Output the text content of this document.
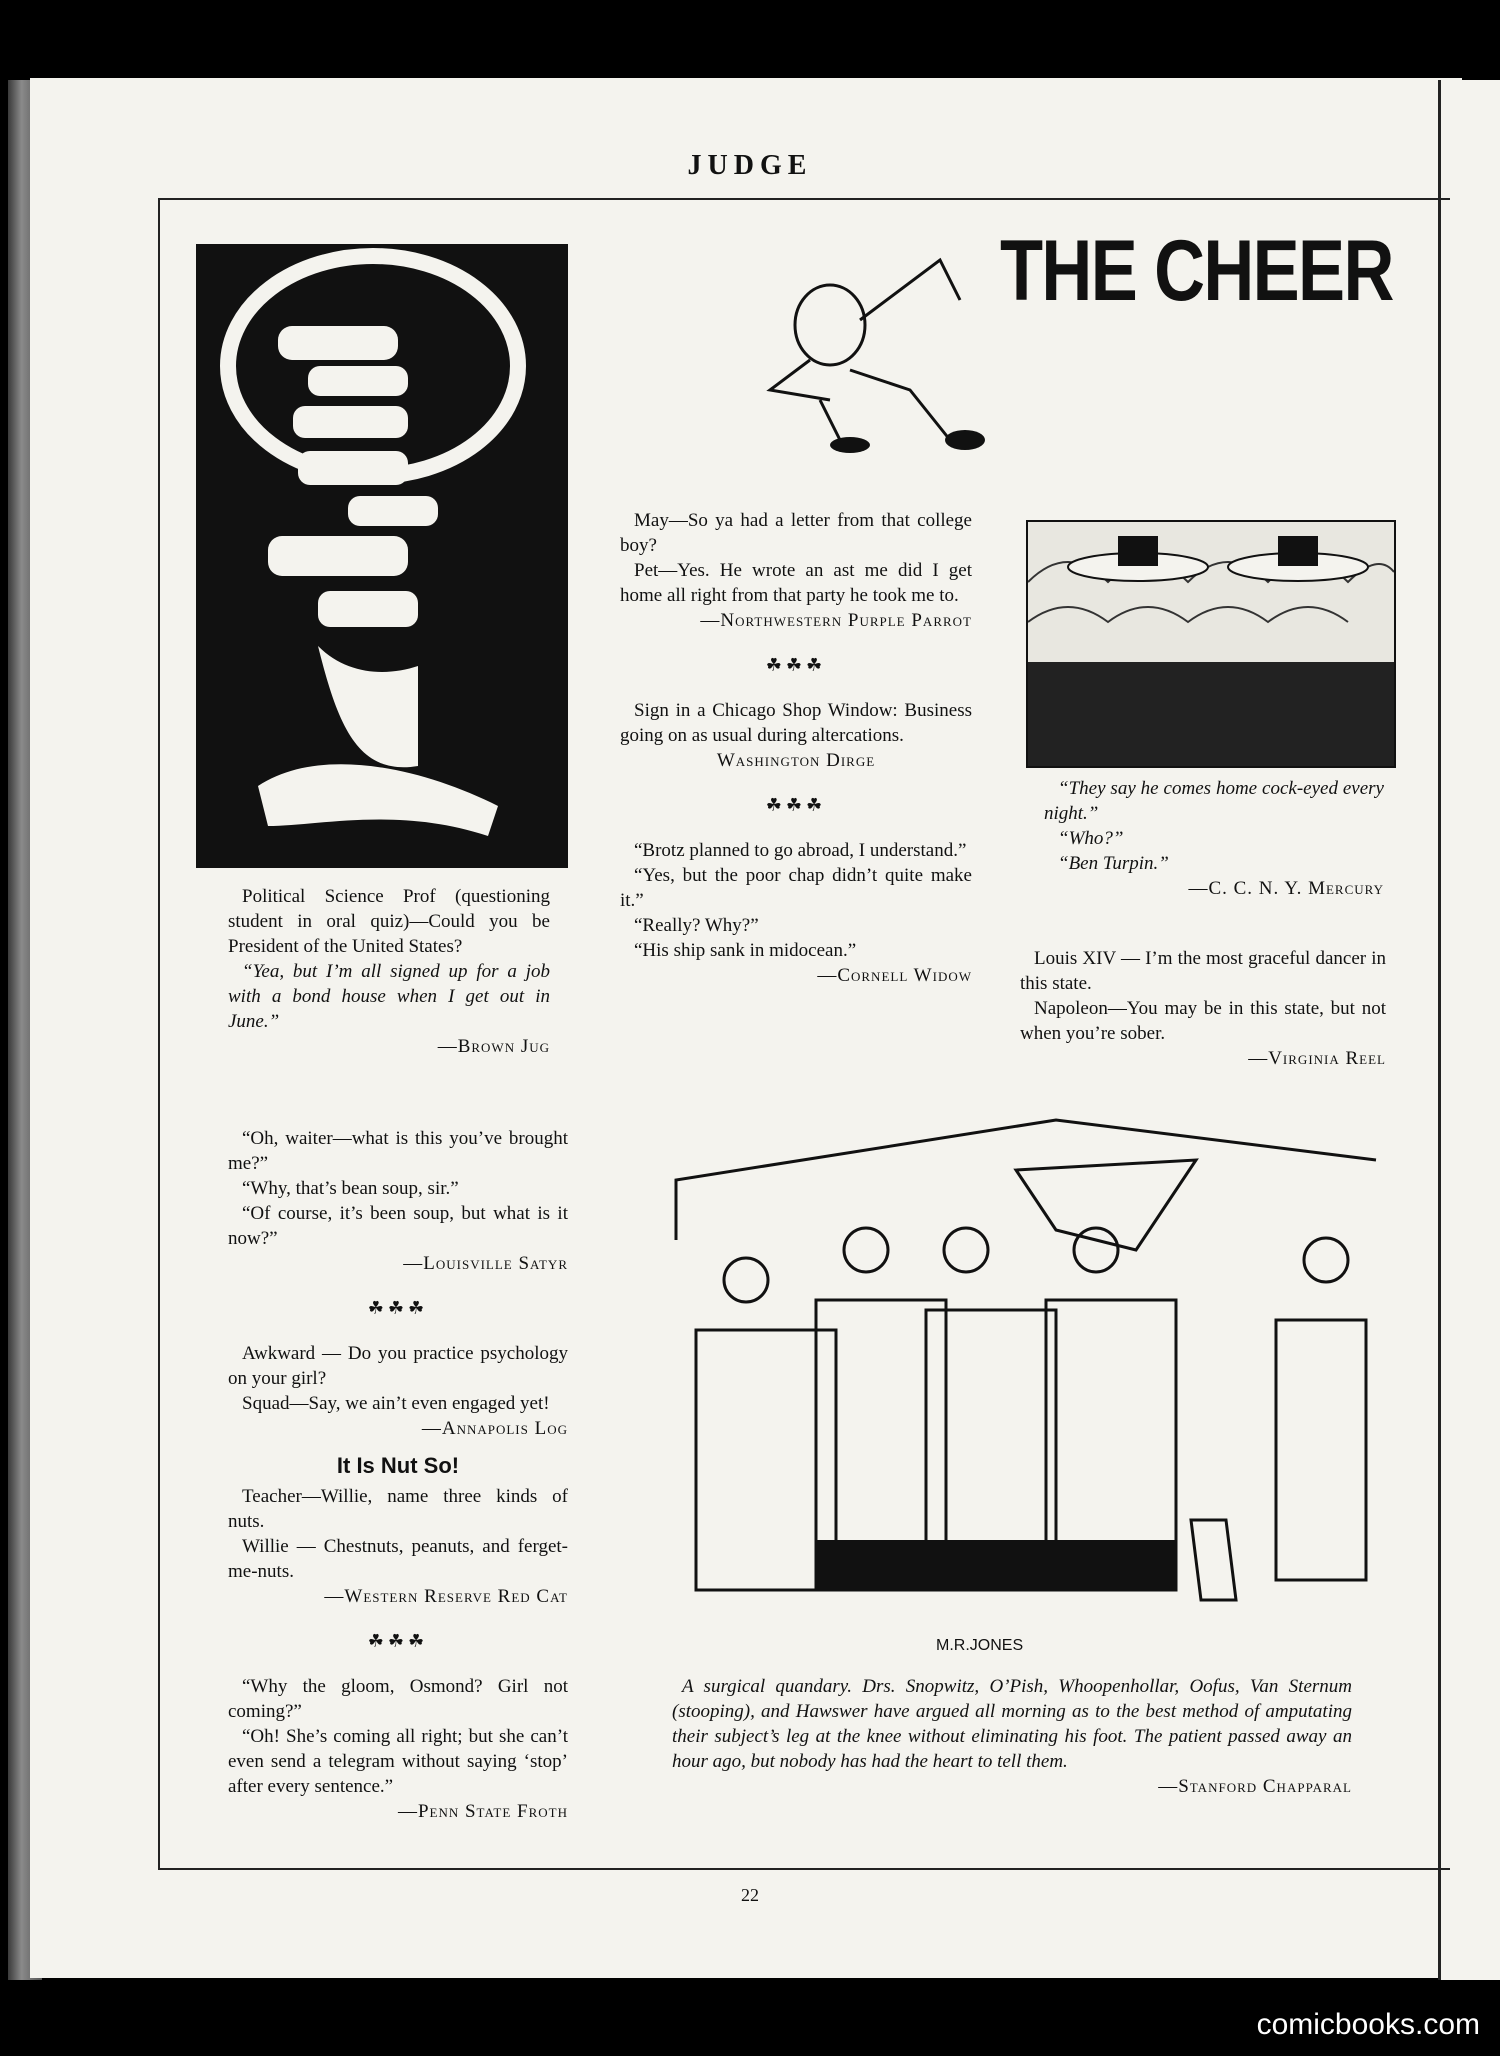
JUDGE

Political Science Prof (questioning student in oral quiz)—Could you be President of the United States?

“Yea, but I’m all signed up for a job with a bond house when I get out in June.”

—Brown Jug

THE CHEER

May—So ya had a letter from that college boy?

Pet—Yes. He wrote an ast me did I get home all right from that party he took me to.

—Northwestern Purple Parrot

☘☘☘

Sign in a Chicago Shop Window: Business going on as usual during altercations.

Washington Dirge

☘☘☘

“Brotz planned to go abroad, I understand.”

“Yes, but the poor chap didn’t quite make it.”

“Really? Why?”

“His ship sank in midocean.”

—Cornell Widow

“They say he comes home cock-eyed every night.”

“Who?”

“Ben Turpin.”

—C. C. N. Y. Mercury

Louis XIV — I’m the most graceful dancer in this state.

Napoleon—You may be in this state, but not when you’re sober.

—Virginia Reel

“Oh, waiter—what is this you’ve brought me?”

“Why, that’s bean soup, sir.”

“Of course, it’s been soup, but what is it now?”

—Louisville Satyr

☘☘☘

Awkward — Do you practice psychology on your girl?

Squad—Say, we ain’t even engaged yet!

—Annapolis Log

It Is Nut So!

Teacher—Willie, name three kinds of nuts.

Willie — Chestnuts, peanuts, and ferget-me-nuts.

—Western Reserve Red Cat

☘☘☘

“Why the gloom, Osmond? Girl not coming?”

“Oh! She’s coming all right; but she can’t even send a telegram without saying ‘stop’ after every sentence.”

—Penn State Froth

M.R.JONES

A surgical quandary. Drs. Snopwitz, O’Pish, Whoopenhollar, Oofus, Van Sternum (stooping), and Hawswer have argued all morning as to the best method of amputating their subject’s leg at the knee without eliminating his foot. The patient passed away an hour ago, but nobody has had the heart to tell them.

—Stanford Chapparal

22
comicbooks.com
